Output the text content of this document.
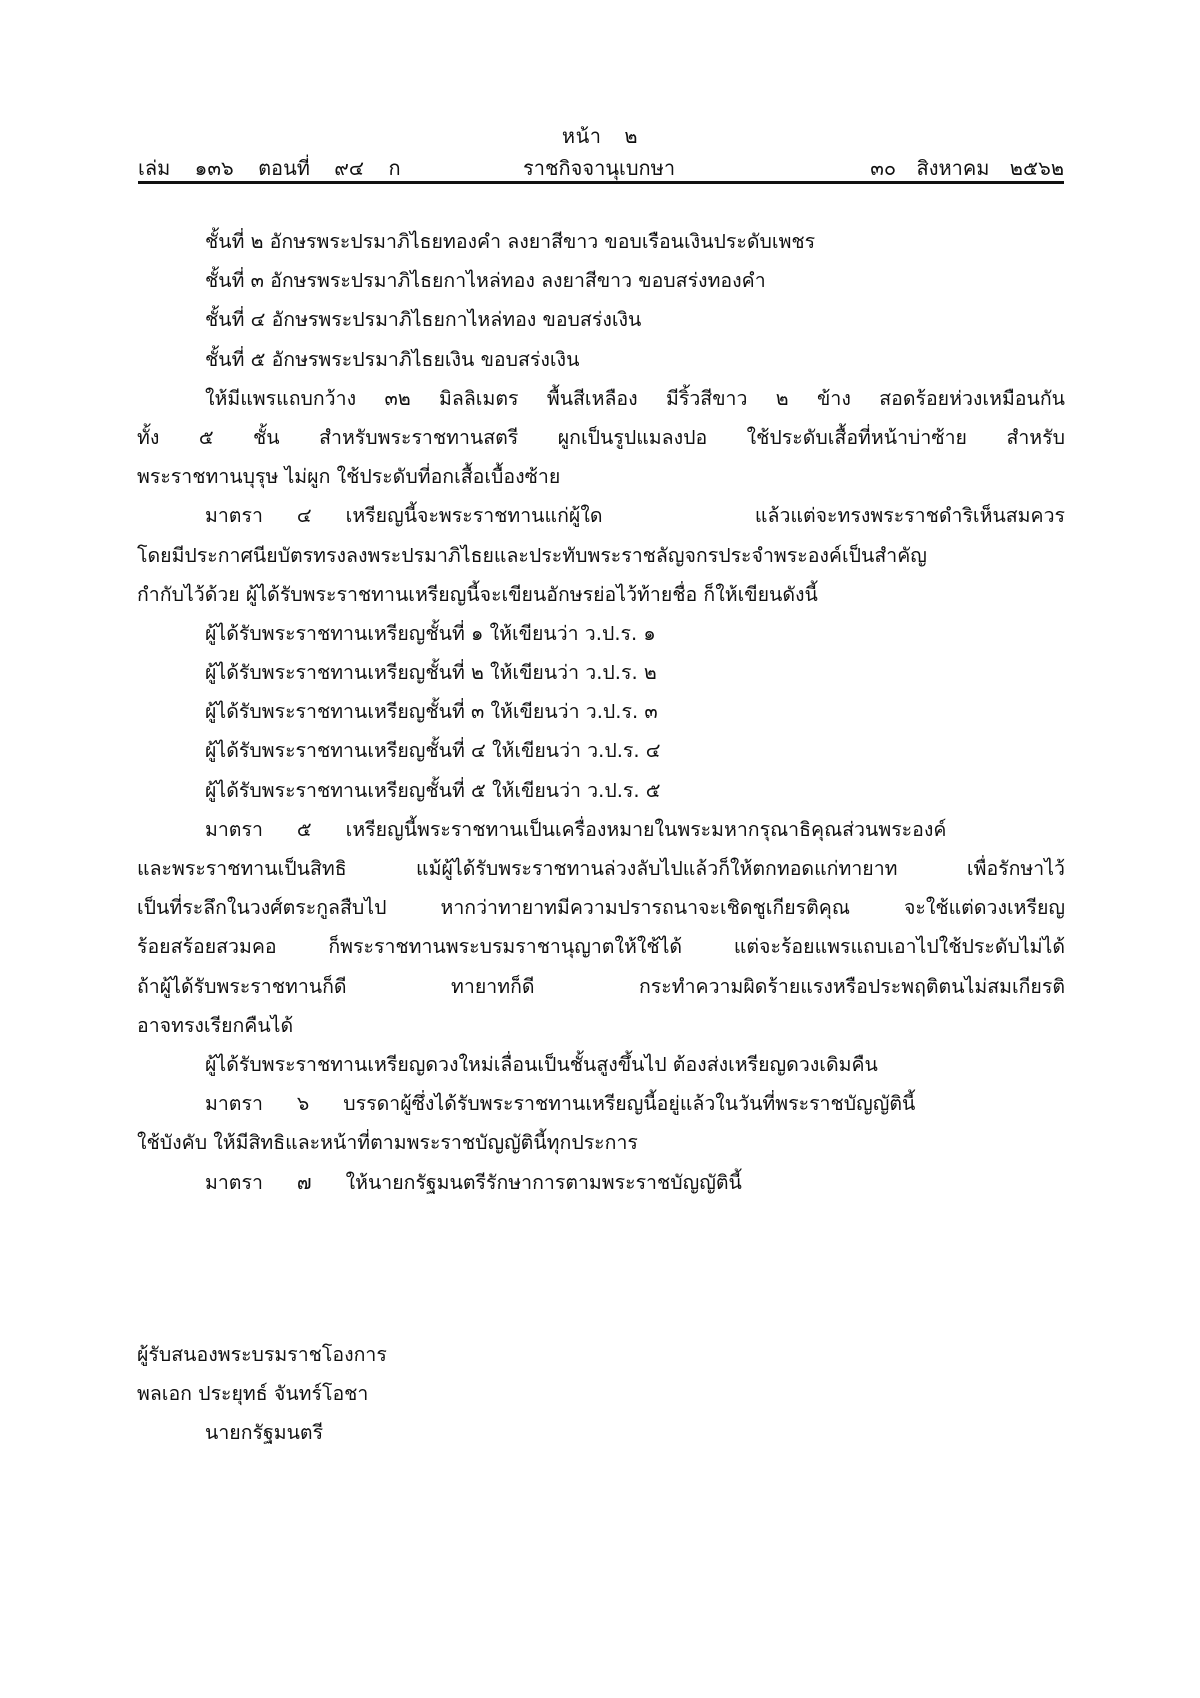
หน้า ๒
เล่ม ๑๓๖ ตอนที่ ๙๔ ก	ราชกิจจานุเบกษา	๓๐ สิงหาคม ๒๕๖๒
ชั้นที่ ๒ อักษรพระปรมาภิไธยทองคำ ลงยาสีขาว ขอบเรือนเงินประดับเพชร
ชั้นที่ ๓ อักษรพระปรมาภิไธยกาไหล่ทอง ลงยาสีขาว ขอบสร่งทองคำ
ชั้นที่ ๔ อักษรพระปรมาภิไธยกาไหล่ทอง ขอบสร่งเงิน
ชั้นที่ ๕ อักษรพระปรมาภิไธยเงิน ขอบสร่งเงิน
ให้มีแพรแถบกว้าง ๓๒ มิลลิเมตร พื้นสีเหลือง มีริ้วสีขาว ๒ ข้าง สอดร้อยห่วงเหมือนกัน
ทั้ง ๕ ชั้น สำหรับพระราชทานสตรี ผูกเป็นรูปแมลงปอ ใช้ประดับเสื้อที่หน้าบ่าซ้าย สำหรับ
พระราชทานบุรุษ ไม่ผูก ใช้ประดับที่อกเสื้อเบื้องซ้าย
มาตรา ๔ เหรียญนี้จะพระราชทานแก่ผู้ใด แล้วแต่จะทรงพระราชดำริเห็นสมควร
โดยมีประกาศนียบัตรทรงลงพระปรมาภิไธยและประทับพระราชลัญจกรประจำพระองค์เป็นสำคัญ
กำกับไว้ด้วย ผู้ได้รับพระราชทานเหรียญนี้จะเขียนอักษรย่อไว้ท้ายชื่อ ก็ให้เขียนดังนี้
ผู้ได้รับพระราชทานเหรียญชั้นที่ ๑ ให้เขียนว่า ว.ป.ร. ๑
ผู้ได้รับพระราชทานเหรียญชั้นที่ ๒ ให้เขียนว่า ว.ป.ร. ๒
ผู้ได้รับพระราชทานเหรียญชั้นที่ ๓ ให้เขียนว่า ว.ป.ร. ๓
ผู้ได้รับพระราชทานเหรียญชั้นที่ ๔ ให้เขียนว่า ว.ป.ร. ๔
ผู้ได้รับพระราชทานเหรียญชั้นที่ ๕ ให้เขียนว่า ว.ป.ร. ๕
มาตรา ๕ เหรียญนี้พระราชทานเป็นเครื่องหมายในพระมหากรุณาธิคุณส่วนพระองค์
และพระราชทานเป็นสิทธิ แม้ผู้ได้รับพระราชทานล่วงลับไปแล้วก็ให้ตกทอดแก่ทายาท เพื่อรักษาไว้
เป็นที่ระลึกในวงศ์ตระกูลสืบไป หากว่าทายาทมีความปรารถนาจะเชิดชูเกียรติคุณ จะใช้แต่ดวงเหรียญ
ร้อยสร้อยสวมคอ ก็พระราชทานพระบรมราชานุญาตให้ใช้ได้ แต่จะร้อยแพรแถบเอาไปใช้ประดับไม่ได้
ถ้าผู้ได้รับพระราชทานก็ดี ทายาทก็ดี กระทำความผิดร้ายแรงหรือประพฤติตนไม่สมเกียรติ
อาจทรงเรียกคืนได้
ผู้ได้รับพระราชทานเหรียญดวงใหม่เลื่อนเป็นชั้นสูงขึ้นไป ต้องส่งเหรียญดวงเดิมคืน
มาตรา ๖ บรรดาผู้ซึ่งได้รับพระราชทานเหรียญนี้อยู่แล้วในวันที่พระราชบัญญัตินี้
ใช้บังคับ ให้มีสิทธิและหน้าที่ตามพระราชบัญญัตินี้ทุกประการ
มาตรา ๗ ให้นายกรัฐมนตรีรักษาการตามพระราชบัญญัตินี้
ผู้รับสนองพระบรมราชโองการ
พลเอก ประยุทธ์ จันทร์โอชา
นายกรัฐมนตรี
